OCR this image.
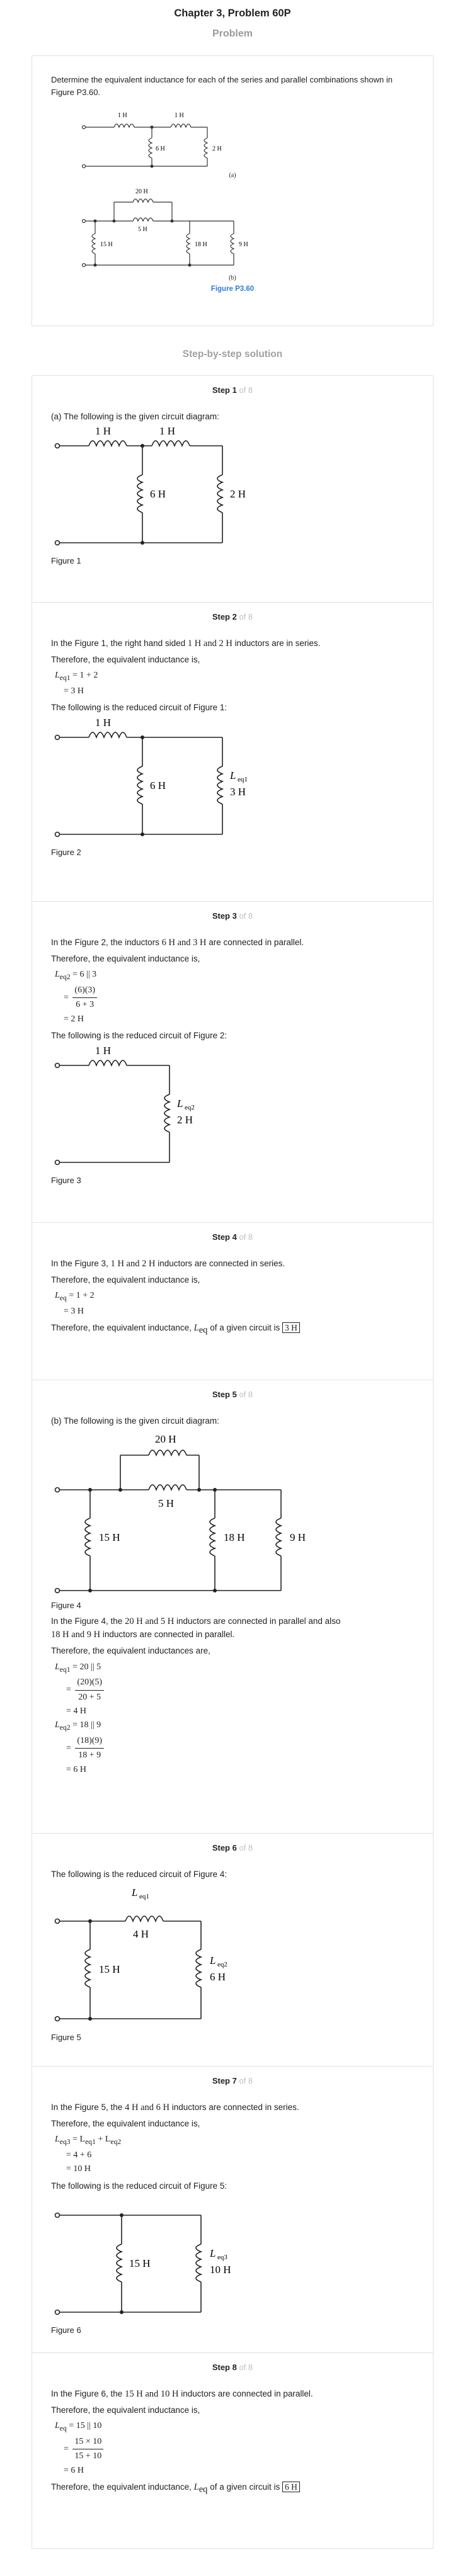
Chapter 3, Problem 60P
Problem

Determine the equivalent inductance for each of the series and parallel combinations shown in Figure P3.60.

1 H	1 H
6 H	2 H
(a)
20 H
5 H
15 H	18 H	9 H
(b)
Figure P3.60
Step-by-step solution
Step 1 of 8

(a) The following is the given circuit diagram:

1 H	1 H
6 H	2 H

Figure 1

Step 2 of 8

In the Figure 1, the right hand sided 1 H and 2 H inductors are in series.

Therefore, the equivalent inductance is,

$L_{eq1} = 1 + 2$
= 3 H

The following is the reduced circuit of Figure 1:

1 H
6 H
L eq1
3 H

Figure 2

Step 3 of 8

In the Figure 2, the inductors 6 H and 3 H are connected in parallel.

Therefore, the equivalent inductance is,

$L_{eq2} = 6$ || 3
= $\frac{(6)(3)}{6 + 3}$
= 2 H

The following is the reduced circuit of Figure 2:

1 H
L eq2
2 H

Figure 3

Step 4 of 8

In the Figure 3, 1 H and 2 H inductors are connected in series.

Therefore, the equivalent inductance is,

$L_{eq} = 1 + 2$
= 3 H

Therefore, the equivalent inductance, $L_{eq}$ of a given circuit is 3 H

Step 5 of 8

(b) The following is the given circuit diagram:

20 H
5 H
15 H	18 H	9 H

Figure 4

In the Figure 4, the 20 H and 5 H inductors are connected in parallel and also
18 H and 9 H inductors are connected in parallel.

Therefore, the equivalent inductances are,

$L_{eq1} = 20$ || 5
= $\frac{(20)(5)}{20 + 5}$
= 4 H
$L_{eq2} = 18$ || 9
= $\frac{(18)(9)}{18 + 9}$
= 6 H
Step 6 of 8

The following is the reduced circuit of Figure 4:

L eq1
4 H
15 H
L eq2
6 H

Figure 5

Step 7 of 8

In the Figure 5, the 4 H and 6 H inductors are connected in series.

Therefore, the equivalent inductance is,

$L_{eq3} = L_{eq1} + L_{eq2}$
= 4 + 6
= 10 H

The following is the reduced circuit of Figure 5:

15 H
L eq3
10 H

Figure 6

Step 8 of 8

In the Figure 6, the 15 H and 10 H inductors are connected in parallel.

Therefore, the equivalent inductance is,

$L_{eq} = 15$ || 10
= $\frac{15 \times 10}{15 + 10}$
= 6 H

Therefore, the equivalent inductance, $L_{eq}$ of a given circuit is 6 H
